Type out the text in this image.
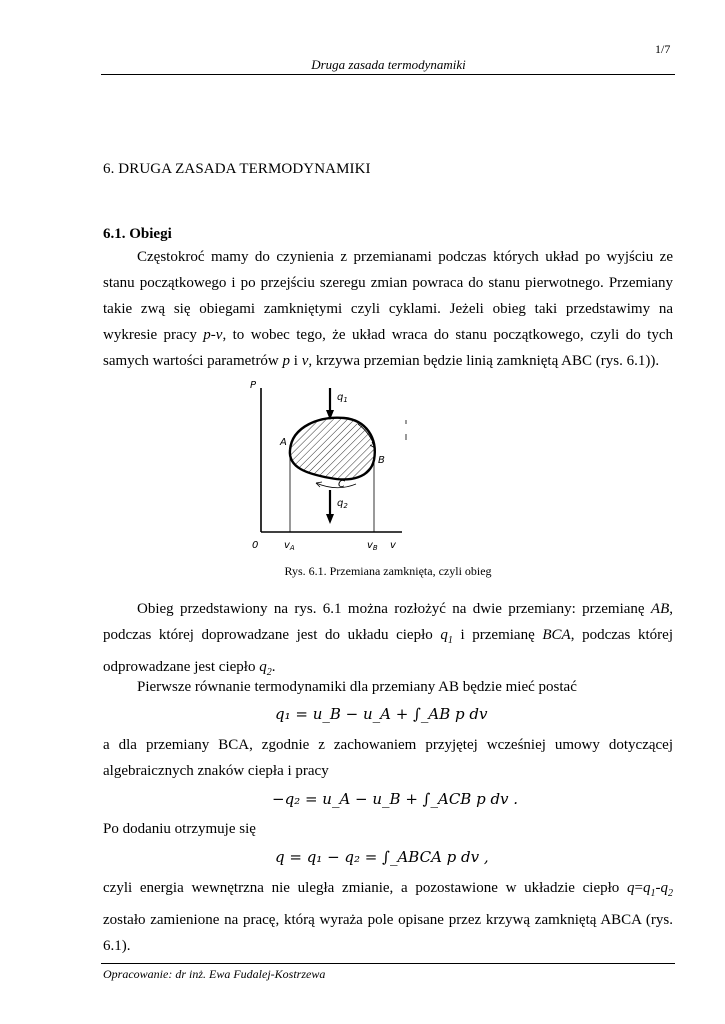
1/7
Druga zasada termodynamiki
6. DRUGA ZASADA TERMODYNAMIKI
6.1. Obiegi
Częstokroć mamy do czynienia z przemianami podczas których układ po wyjściu ze stanu początkowego i po przejściu szeregu zmian powraca do stanu pierwotnego. Przemiany takie zwą się obiegami zamkniętymi czyli cyklami. Jeżeli obieg taki przedstawimy na wykresie pracy p-v, to wobec tego, że układ wraca do stanu początkowego, czyli do tych samych wartości parametrów p i v, krzywa przemian będzie linią zamkniętą ABC (rys. 6.1)).
P
v
0
A
B
C
$q_1$
$q_2$
$v_A$	$v_B$
Rys. 6.1. Przemiana zamknięta, czyli obieg
Obieg przedstawiony na rys. 6.1 można rozłożyć na dwie przemiany: przemianę AB, podczas której doprowadzane jest do układu ciepło $q_1$ i przemianę BCA, podczas której odprowadzane jest ciepło $q_2$.
Pierwsze równanie termodynamiki dla przemiany AB będzie mieć postać
q₁ = u_B − u_A + ∫_AB p dv
a dla przemiany BCA, zgodnie z zachowaniem przyjętej wcześniej umowy dotyczącej
algebraicznych znaków ciepła i pracy
−q₂ = u_A − u_B + ∫_ACB p dv .
Po dodaniu otrzymuje się
q = q₁ − q₂ = ∫_ABCA p dv ,
czyli energia wewnętrzna nie uległa zmianie, a pozostawione w układzie ciepło $q=q_1-q_2$ zostało zamienione na pracę, którą wyraża pole opisane przez krzywą zamkniętą ABCA (rys. 6.1).
Opracowanie: dr inż. Ewa Fudalej-Kostrzewa
